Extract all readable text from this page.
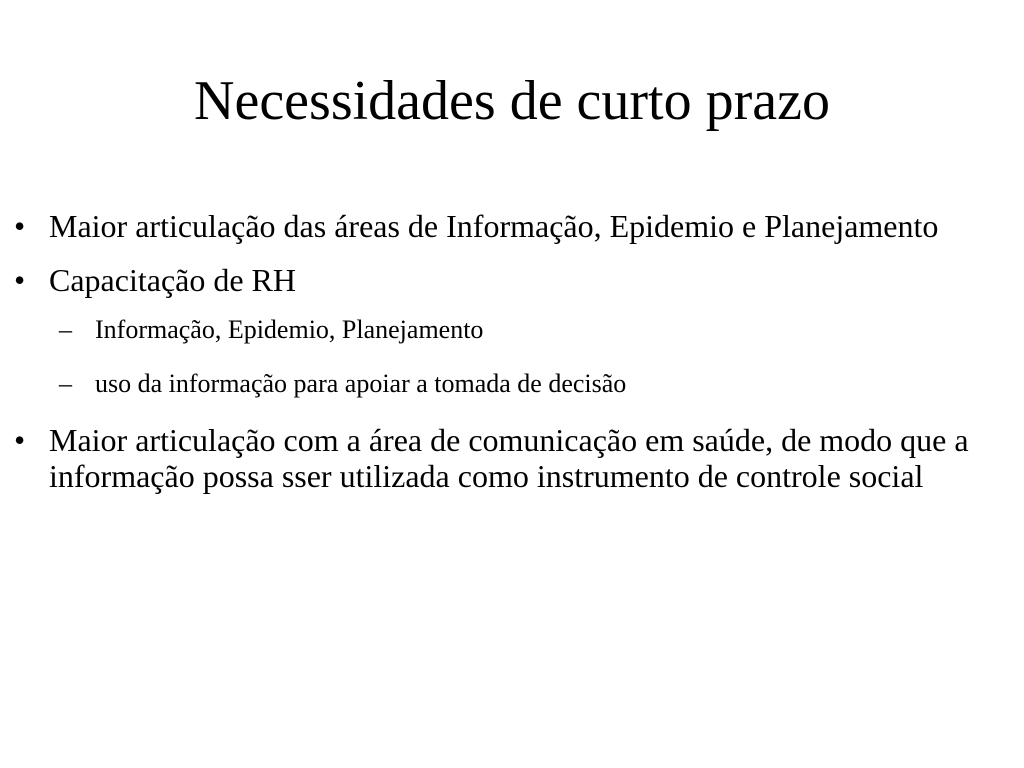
Necessidades de curto prazo
• Maior articulação das áreas de Informação, Epidemio e Planejamento
• Capacitação de RH
– Informação, Epidemio, Planejamento
– uso da informação para apoiar a tomada de decisão
• Maior articulação com a área de comunicação em saúde, de modo que a informação possa sser utilizada como instrumento de controle social
